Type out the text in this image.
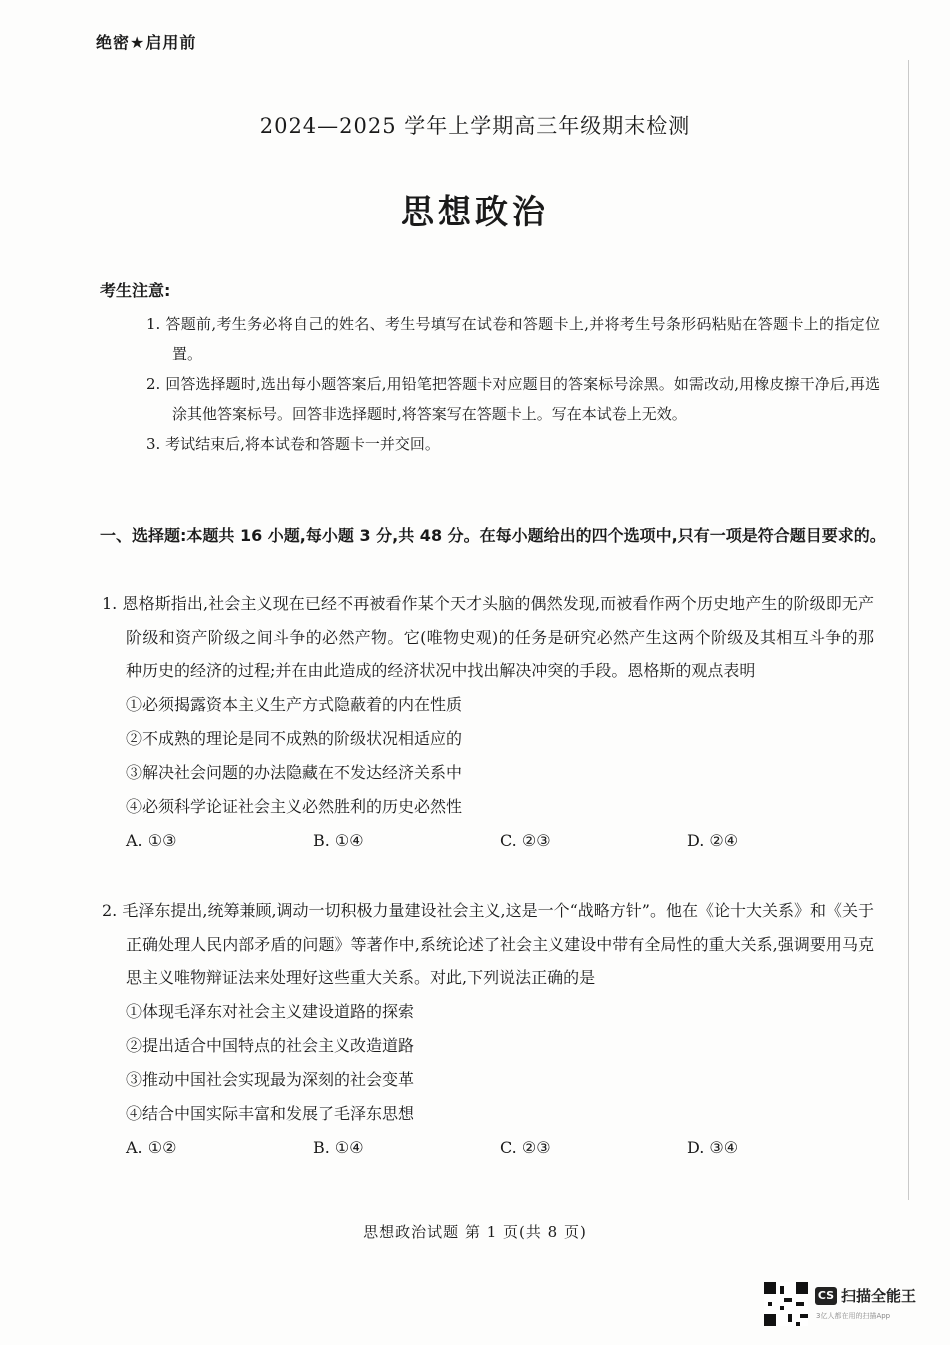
绝密★启用前
2024—2025 学年上学期高三年级期末检测
思想政治
考生注意:
1. 答题前,考生务必将自己的姓名、考生号填写在试卷和答题卡上,并将考生号条形码粘贴在答题卡上的指定位置。
2. 回答选择题时,选出每小题答案后,用铅笔把答题卡对应题目的答案标号涂黑。如需改动,用橡皮擦干净后,再选涂其他答案标号。回答非选择题时,将答案写在答题卡上。写在本试卷上无效。
3. 考试结束后,将本试卷和答题卡一并交回。
一、选择题:本题共 16 小题,每小题 3 分,共 48 分。在每小题给出的四个选项中,只有一项是符合题目要求的。
1. 恩格斯指出,社会主义现在已经不再被看作某个天才头脑的偶然发现,而被看作两个历史地产生的阶级即无产阶级和资产阶级之间斗争的必然产物。它(唯物史观)的任务是研究必然产生这两个阶级及其相互斗争的那种历史的经济的过程;并在由此造成的经济状况中找出解决冲突的手段。恩格斯的观点表明
①必须揭露资本主义生产方式隐蔽着的内在性质
②不成熟的理论是同不成熟的阶级状况相适应的
③解决社会问题的办法隐藏在不发达经济关系中
④必须科学论证社会主义必然胜利的历史必然性
A. ①③	B. ①④	C. ②③	D. ②④
2. 毛泽东提出,统筹兼顾,调动一切积极力量建设社会主义,这是一个“战略方针”。他在《论十大关系》和《关于正确处理人民内部矛盾的问题》等著作中,系统论述了社会主义建设中带有全局性的重大关系,强调要用马克思主义唯物辩证法来处理好这些重大关系。对此,下列说法正确的是
①体现毛泽东对社会主义建设道路的探索
②提出适合中国特点的社会主义改造道路
③推动中国社会实现最为深刻的社会变革
④结合中国实际丰富和发展了毛泽东思想
A. ①②	B. ①④	C. ②③	D. ③④
思想政治试题 第 1 页(共 8 页)
CS 扫描全能王
3亿人都在用的扫描App
